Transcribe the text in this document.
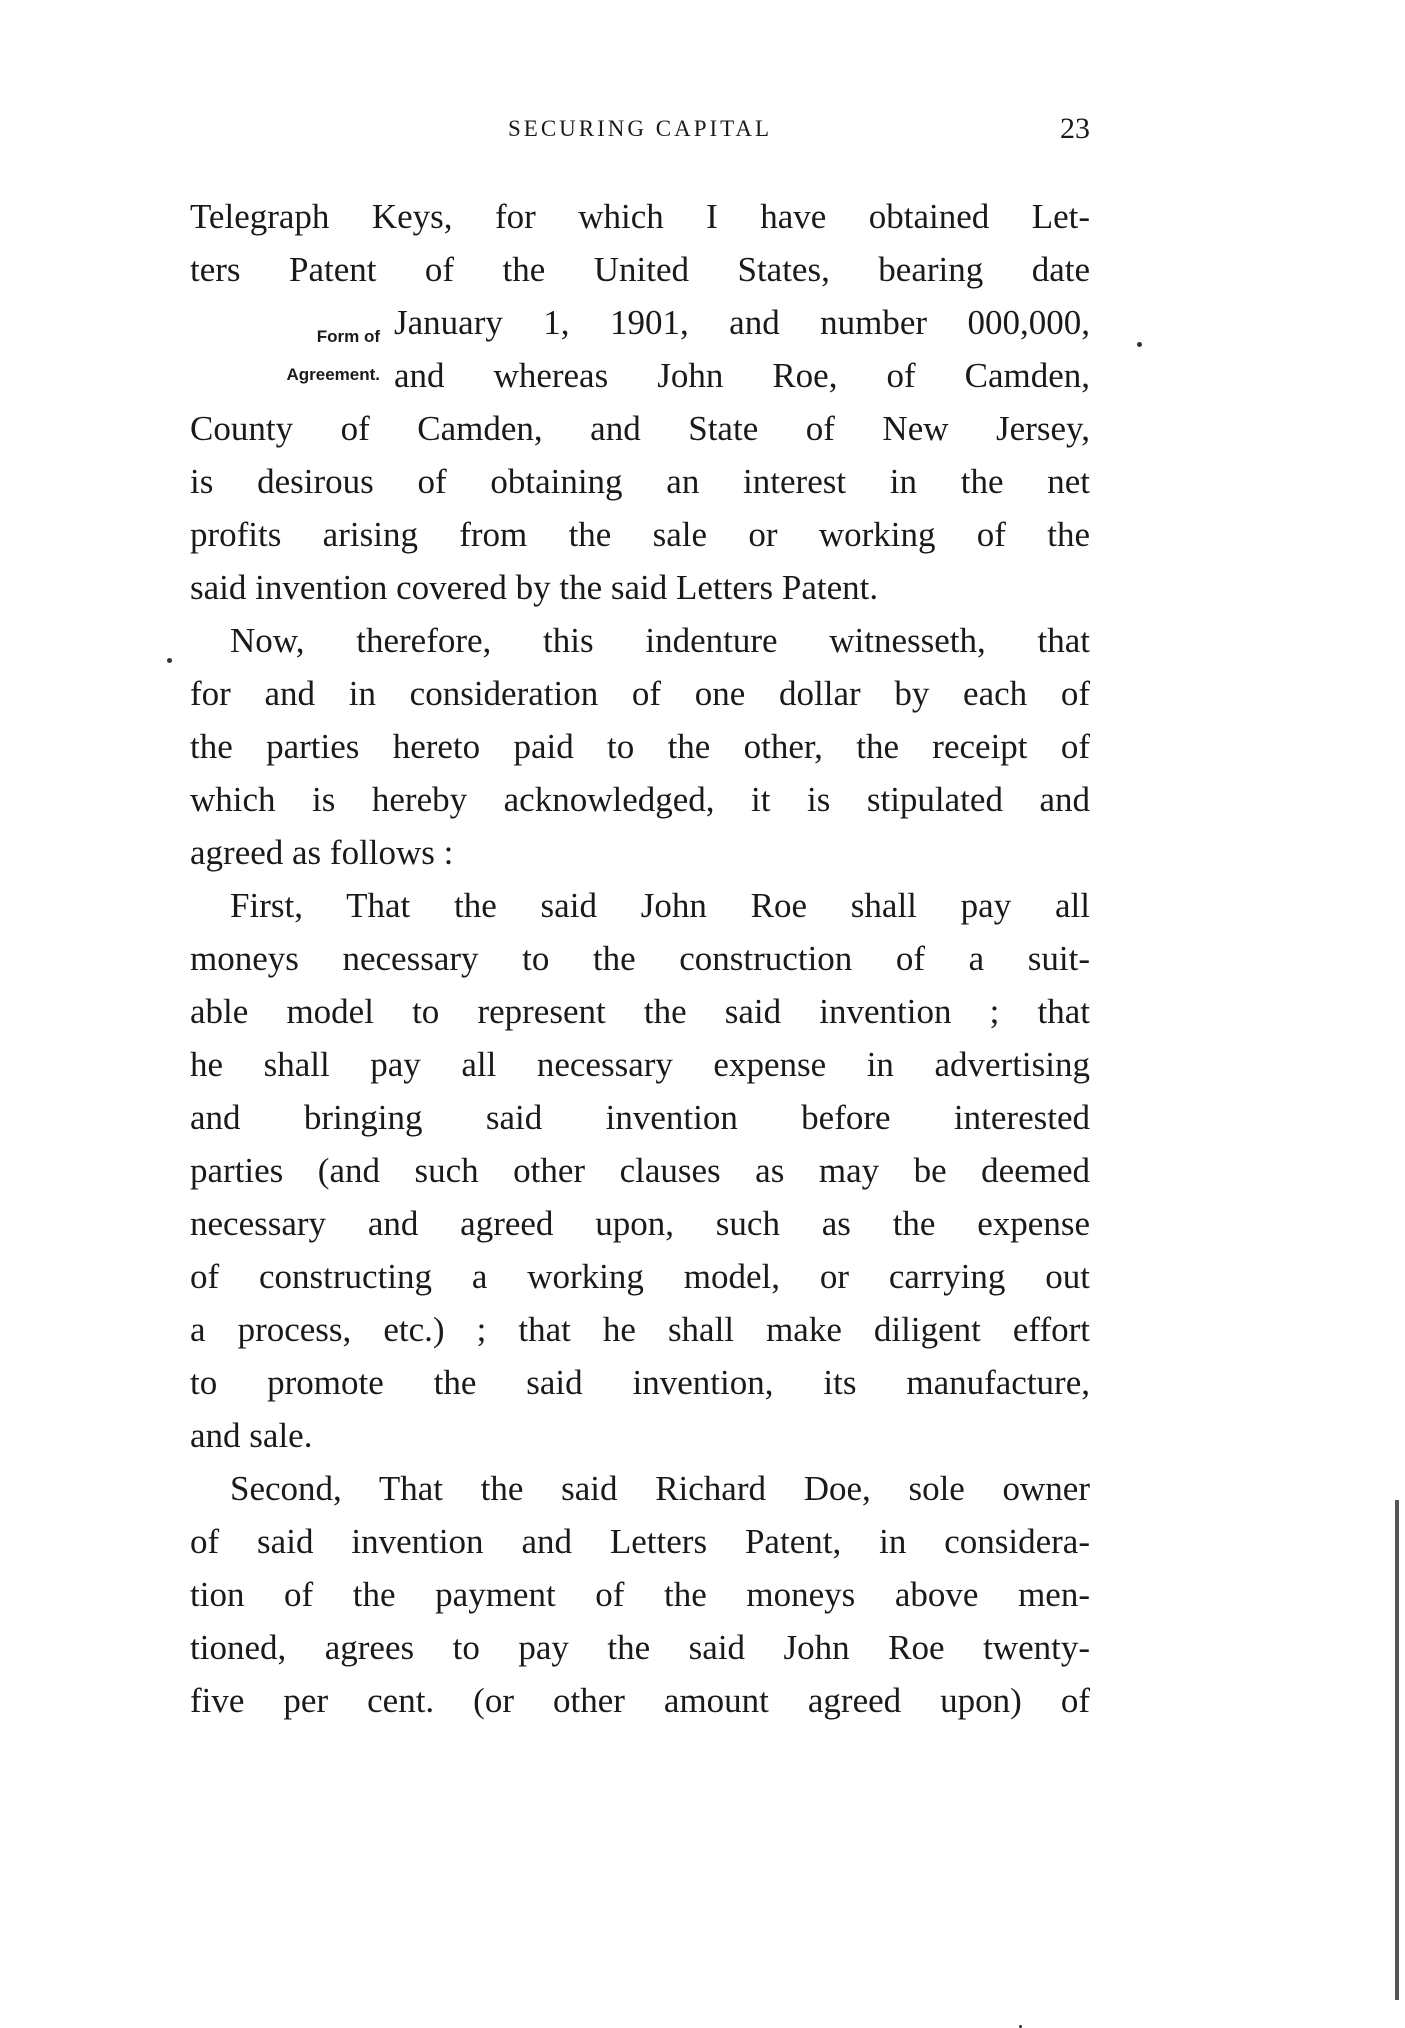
SECURING CAPITAL	23
Form of
Agreement.
Telegraph Keys, for which I have obtained Let-
ters Patent of the United States, bearing date
January 1, 1901, and number 000,000,
and whereas John Roe, of Camden,
County of Camden, and State of New Jersey,
is desirous of obtaining an interest in the net
profits arising from the sale or working of the
said invention covered by the said Letters Patent.
Now, therefore, this indenture witnesseth, that
for and in consideration of one dollar by each of
the parties hereto paid to the other, the receipt of
which is hereby acknowledged, it is stipulated and
agreed as follows :
First, That the said John Roe shall pay all
moneys necessary to the construction of a suit-
able model to represent the said invention ; that
he shall pay all necessary expense in advertising
and bringing said invention before interested
parties (and such other clauses as may be deemed
necessary and agreed upon, such as the expense
of constructing a working model, or carrying out
a process, etc.) ; that he shall make diligent effort
to promote the said invention, its manufacture,
and sale.
Second, That the said Richard Doe, sole owner
of said invention and Letters Patent, in considera-
tion of the payment of the moneys above men-
tioned, agrees to pay the said John Roe twenty-
five per cent. (or other amount agreed upon) of
